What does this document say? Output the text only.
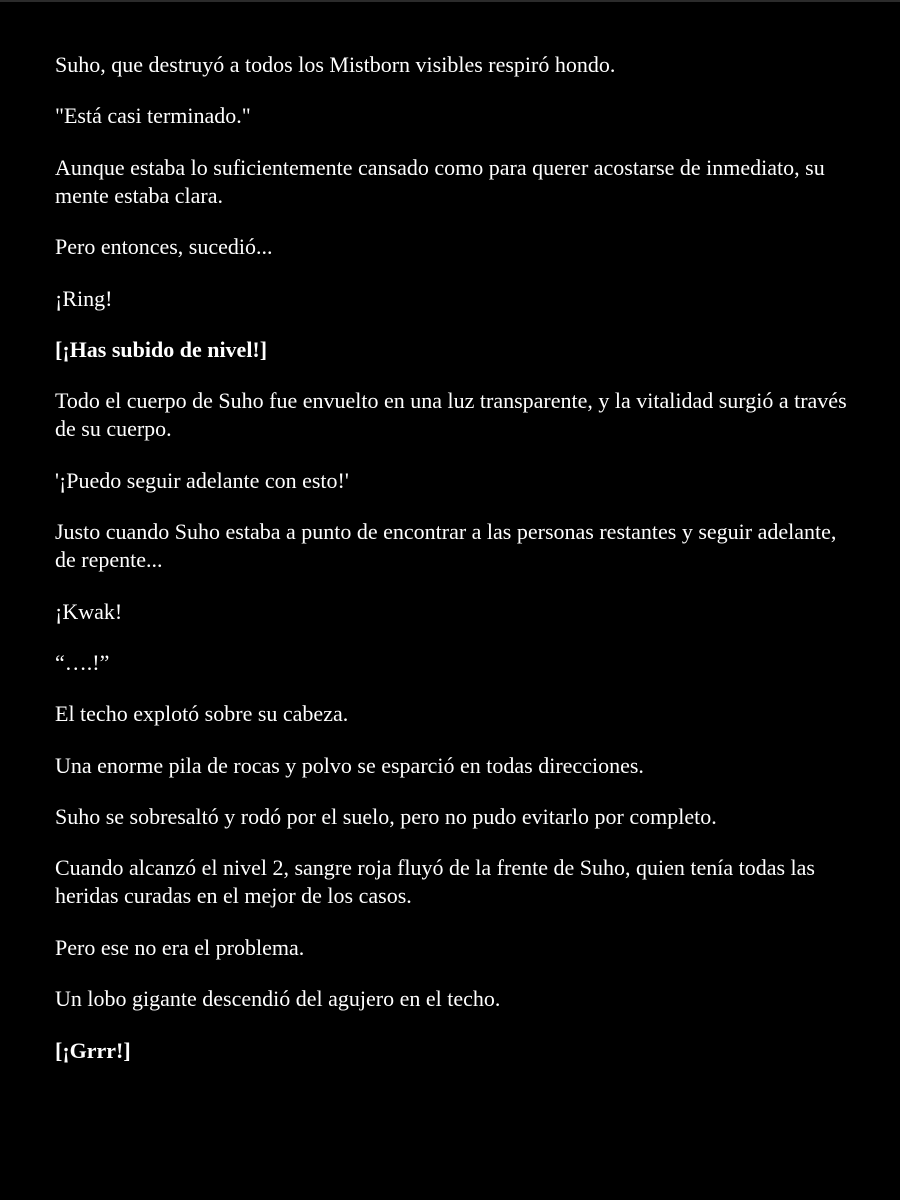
Suho, que destruyó a todos los Mistborn visibles respiró hondo.

"Está casi terminado."

Aunque estaba lo suficientemente cansado como para querer acostarse de inmediato, su mente estaba clara.

Pero entonces, sucedió...

¡Ring!

[¡Has subido de nivel!]

Todo el cuerpo de Suho fue envuelto en una luz transparente, y la vitalidad surgió a través de su cuerpo.

'¡Puedo seguir adelante con esto!'

Justo cuando Suho estaba a punto de encontrar a las personas restantes y seguir adelante, de repente...

¡Kwak!

“….!”

El techo explotó sobre su cabeza.

Una enorme pila de rocas y polvo se esparció en todas direcciones.

Suho se sobresaltó y rodó por el suelo, pero no pudo evitarlo por completo.

Cuando alcanzó el nivel 2, sangre roja fluyó de la frente de Suho, quien tenía todas las heridas curadas en el mejor de los casos.

Pero ese no era el problema.

Un lobo gigante descendió del agujero en el techo.

[¡Grrr!]
